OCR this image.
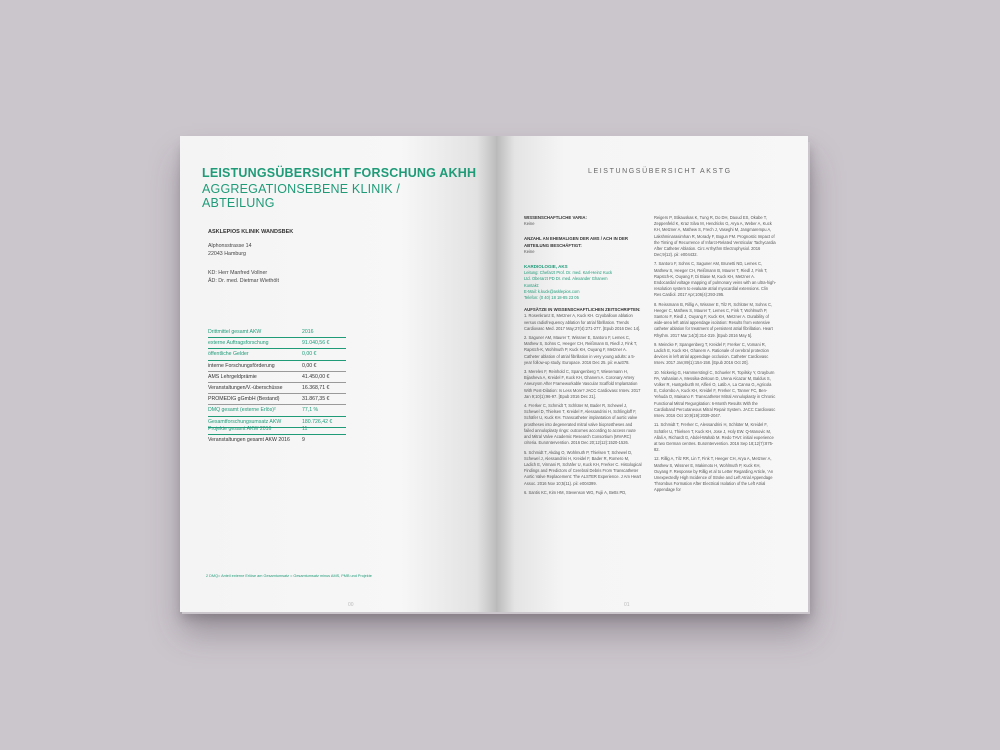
LEISTUNGSÜBERSICHT FORSCHUNG AKHH
AGGREGATIONSEBENE KLINIK /
ABTEILUNG
ASKLEPIOS KLINIK WANDSBEK
Alphonsstrasse 14
22043 Hamburg
KD: Herr Manfred Vollner
ÄD: Dr. med. Dietmar Wiethölt
Drittmittel gesamt AKW	2016
externe Auftragsforschung	91.040,56 €
öffentliche Gelder	0,00 €
interne Forschungsförderung	0,00 €
AMS Lehrgeldprämie	41.450,00 €
Veranstaltungen/V.-überschüsse	16.368,71 €
PROMEDIG gGmbH (Bestand)	31.867,35 €
DMQ gesamt (externe Erlös)²	77,1 %
Gesamtforschungsumsatz AKW	180.726,42 €
Projekte gesamt AKW 2016	11
Veranstaltungen gesamt AKW 2016 9
2 DMQ= Anteil externe Erlöse am Gesamtumsatz = Gesamtumsatz minus AMS, PMB und Projekte
00
LEISTUNGSÜBERSICHT AKSTG
WISSENSCHAFTLICHE VARIA:
Keine
ANZAHL AN EHEMALIGEN DER AMS / ACH IN DER ABTEILUNG BESCHÄFTIGT:
Keine
KARDIOLOGIE, AKS
Leitung: Chefarzt Prof. Dr. med. Karl-Heinz Kuck
Ltd. Oberarzt PD Dr. med. Alexander Ghanem
Kontakt:
E-Mail: k.kuck@asklepios.com
Telefon: (0 40) 18 18-85 23 05
AUFSÄTZE IN WISSENSCHAFTLICHEN ZEITSCHRIFTEN:
1. Rosenkranz E, Metzner A, Kuck KH. Cryoballoon ablation versus radiofrequency ablation for atrial fibrillation. Trends Cardiovasc Med. 2017 May;27(4):271-277. [Epub 2016 Dec 14].
2. Saguner AM, Maurer T, Wissner E, Santoro F, Lemes C, Mathew S, Sohns C, Heeger CH, Reißmann B, Riedl J, Fink T, Rapstch-K, Wohlmuth P, Kuck KH, Ouyang F, Metzner A. Catheter ablation of atrial fibrillation in very young adults: a 5-year follow-up study. Europace. 2016 Dec 25. pii: euw378.
3. Mereles F, Reinhold C, Spangenberg T, Wiesemann H, Bijasheva A, Kreidel F, Kuck KH, Ghanem A. Coronary Artery Aneurysm After Frameworkable Vascular Scaffold Implantation With Post-Dilation: Is Less More? JACC Cardiovasc Interv. 2017 Jan 9;10(1):96-97. [Epub 2016 Dec 21].
4. Frerker C, Schmidt T, Schlüter M, Bader R, Schewel J, Schewel D, Thielsen T, Kreidel F, Alessandrini H, Schlingloff F, Schäfer U, Kuck KH. Transcatheter implantation of aortic valve prostheses into degenerated mitral valve bioprostheses and failed annuloplasty rings: outcomes according to access route and Mitral Valve Academic Research Consortium (MVARC) criteria. EuroIntervention. 2016 Dec 20;12(12):1520-1526.
5. Schmidt T, Akdag O, Wohlmuth P, Thielsen T, Schewel D, Schewel J, Alessandrini H, Kreidel F, Bader R, Romero M, Ladich E, Virmani R, Schäfer U, Kuck KH, Frerker C. Histological Findings and Predictors of Cerebral Debris From Transcatheter Aortic Valve Replacement: The ALSTER Experience. J Am Heart Assoc. 2016 Nov 10;5(11). pii: e004399.
6. Santis KC, Kim HM, Stevenson WG, Fujii A, Betts PD,
Reigers P, Stikauskas K, Tung R, Do DH, Daoud ES, Okabe T, Zeppenfeld K, Kraz Silva M, Hendricks G, Arya A, Weber A, Kuck KH, Metzner A, Mathew S, Frech J, Vaseghi M, Jangmarempu A, Lakshminarasimhan R, Morady F, Bogun FM. Prognostic Impact of the Timing of Recurrence of Infarct-Related Ventricular Tachycardia After Catheter Ablation. Circ Arrhythm Electrophysiol. 2016 Dec;9(12). pii: e004432.
7. Santoro F, Sohns C, Saguner AM, Brunetti ND, Lemes C, Mathew S, Heeger CH, Reißmann B, Maurer T, Riedl J, Fink T, Rapstch-K, Ouyang F, Di Biase M, Kuck KH, Metzner A. Endocardial voltage mapping of pulmonary veins with an ultra-high-resolution system to evaluate atrial myocardial extensions. Clin Res Cardiol. 2017 Apr;106(4):293-295.
8. Reissmann B, Rillig A, Wissner E, Tilz R, Schlüter M, Sohns C, Heeger C, Mathew S, Maurer T, Lemes C, Fink T, Wohlmuth P, Santoro F, Riedl J, Ouyang F, Kuck KH, Metzner A. Durability of wide-area left atrial appendage isolation: Results from extensive catheter ablation for treatment of persistent atrial fibrillation. Heart Rhythm. 2017 Mar;14(3):314-319. [Epub 2016 May 5].
9. Meincke F, Spangenberg T, Kreidel F, Frerker C, Vomani R, Ladich E, Kuck KH, Ghanem A. Rationale of cerebral protection devices in left atrial appendage occlusion. Catheter Cardiovasc Interv. 2017 Jan;89(1):154-158. [Epub 2016 Oct 20].
10. Nickenig G, Hammerstingl C, Schueler R, Topilsky Y, Grayburn PA, Vahanian A, Messika-Zeitoun D, Urena Alcazar M, Baldus S, Volker R, Huntgeburth M, Alfieri O, Latib A, La Canna G, Agricola E, Colombo A, Kuck KH, Kreidel F, Frerker C, Tanner FC, Ben-Yehuda O, Maisano F. Transcatheter Mitral Annuloplasty in Chronic Functional Mitral Regurgitation: 6-Month Results With the Cardioband Percutaneous Mitral Repair System. JACC Cardiovasc Interv. 2016 Oct 10;9(19):2039-2047.
11. Schmidt T, Frerker C, Alessandrini H, Schlüter M, Kreidel F, Schäfer U, Thielsen T, Kuck KH, Jose J, Holy EW. Q-Manovic M, Allali A, Richardt G, Abdel-Wahab M. Redo TAVI: initial experience at two German centres. EuroIntervention. 2016 Sep 18;12(7):875-82.
12. Rillig A, Tilz RR, Lin T, Fink T, Heeger CH, Arya A, Metzner A, Mathew S, Wissner E, Makimoto H, Wohlmuth P, Kuck KH, Ouyang F. Response by Rillig et al to Letter Regarding Article, 'An Unexpectedly High Incidence of Stroke and Left Atrial Appendage Thrombus Formation After Electrical Isolation of the Left Atrial Appendage for
01
